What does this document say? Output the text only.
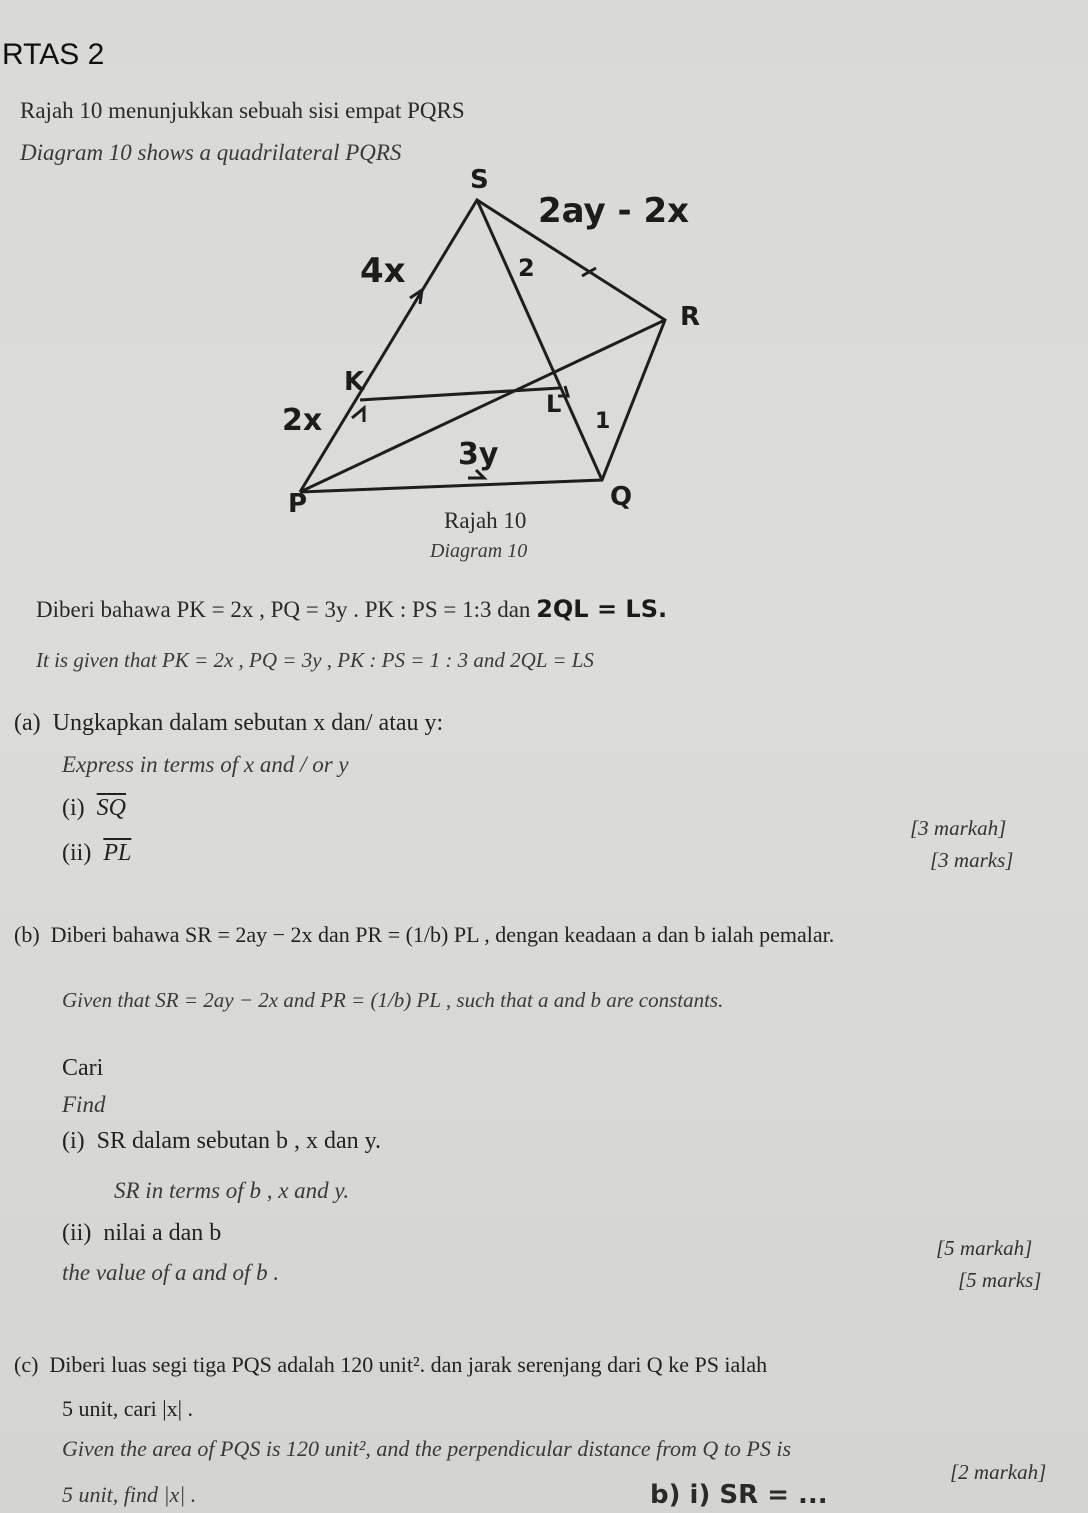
RTAS 2
Rajah 10 menunjukkan sebuah sisi empat PQRS
Diagram 10 shows a quadrilateral PQRS
S
R
Q
P
K
L
2ay - 2x
4x	2
2x
3y
1
Rajah 10
Diagram 10
Diberi bahawa PK = 2x , PQ = 3y . PK : PS = 1:3 dan 2QL = LS.
It is given that PK = 2x , PQ = 3y , PK : PS = 1 : 3 and 2QL = LS
(a) Ungkapkan dalam sebutan x dan/ atau y:
Express in terms of x and / or y
(i) $\overline{SQ}$
[3 markah]
(ii) $\overline{PL}$	[3 marks]
(b) Diberi bahawa SR = 2ay − 2x dan PR = (1/b) PL , dengan keadaan a dan b ialah pemalar.
Given that SR = 2ay − 2x and PR = (1/b) PL , such that a and b are constants.
Cari
Find
(i) SR dalam sebutan b , x dan y.
SR in terms of b , x and y.
(ii) nilai a dan b
[5 markah]
the value of a and of b .	[5 marks]
(c) Diberi luas segi tiga PQS adalah 120 unit². dan jarak serenjang dari Q ke PS ialah
5 unit, cari |x| .
Given the area of PQS is 120 unit², and the perpendicular distance from Q to PS is
[2 markah]
5 unit, find |x| .	b) i) SR = ...
